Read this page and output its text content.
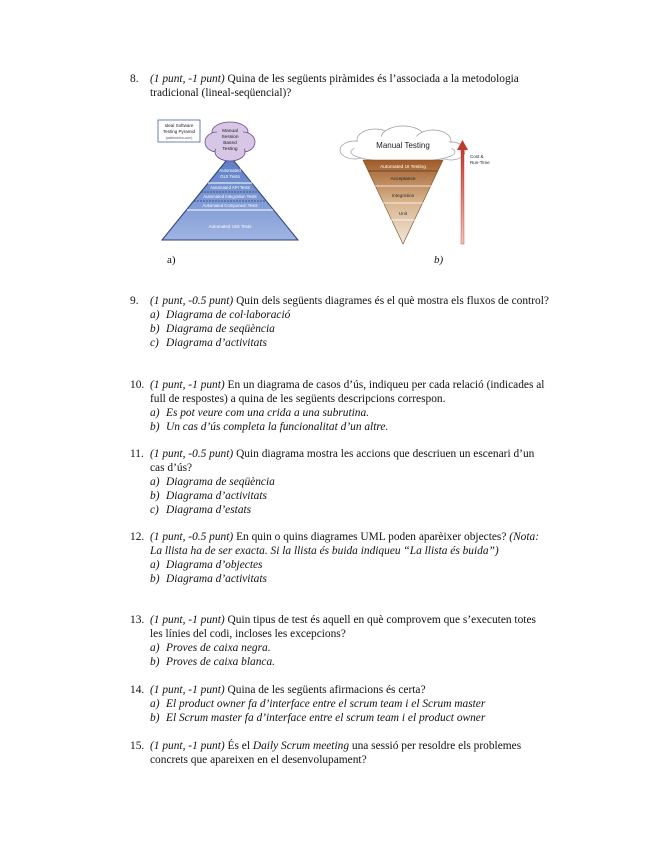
8. (1 punt, -1 punt) Quina de les següents piràmides és l’associada a la metodologia tradicional (lineal-seqüencial)?
Ideal Software
Testing Pyramid
(watirmelon.com)
Automated
GUI Tests
Automated API Tests
Automated Integration Tests
Automated Component Tests
Automated Unit Tests
Manual
Session
Based
Testing	Manual Testing
Automated UI Testing
Acceptance
Integration
Unit
Cost &
Run-Time
a)	b)
9. (1 punt, -0.5 punt) Quin dels següents diagrames és el què mostra els fluxos de control?
a) Diagrama de col·laboració
b) Diagrama de seqüència
c) Diagrama d’activitats
10. (1 punt, -1 punt) En un diagrama de casos d’ús, indiqueu per cada relació (indicades al full de respostes) a quina de les següents descripcions correspon.
a) Es pot veure com una crida a una subrutina.
b) Un cas d’ús completa la funcionalitat d’un altre.
11. (1 punt, -0.5 punt) Quin diagrama mostra les accions que descriuen un escenari d’un cas d’ús?
a) Diagrama de seqüència
b) Diagrama d’activitats
c) Diagrama d’estats
12. (1 punt, -0.5 punt) En quin o quins diagrames UML poden aparèixer objectes? (Nota: La llista ha de ser exacta. Si la llista és buida indiqueu “La llista és buida”)
a) Diagrama d’objectes
b) Diagrama d’activitats
13. (1 punt, -1 punt) Quin tipus de test és aquell en què comprovem que s’executen totes les línies del codi, incloses les excepcions?
a) Proves de caixa negra.
b) Proves de caixa blanca.
14. (1 punt, -1 punt) Quina de les següents afirmacions és certa?
a) El product owner fa d’interface entre el scrum team i el Scrum master
b) El Scrum master fa d’interface entre el scrum team i el product owner
15. (1 punt, -1 punt) És el Daily Scrum meeting una sessió per resoldre els problemes concrets que apareixen en el desenvolupament?
